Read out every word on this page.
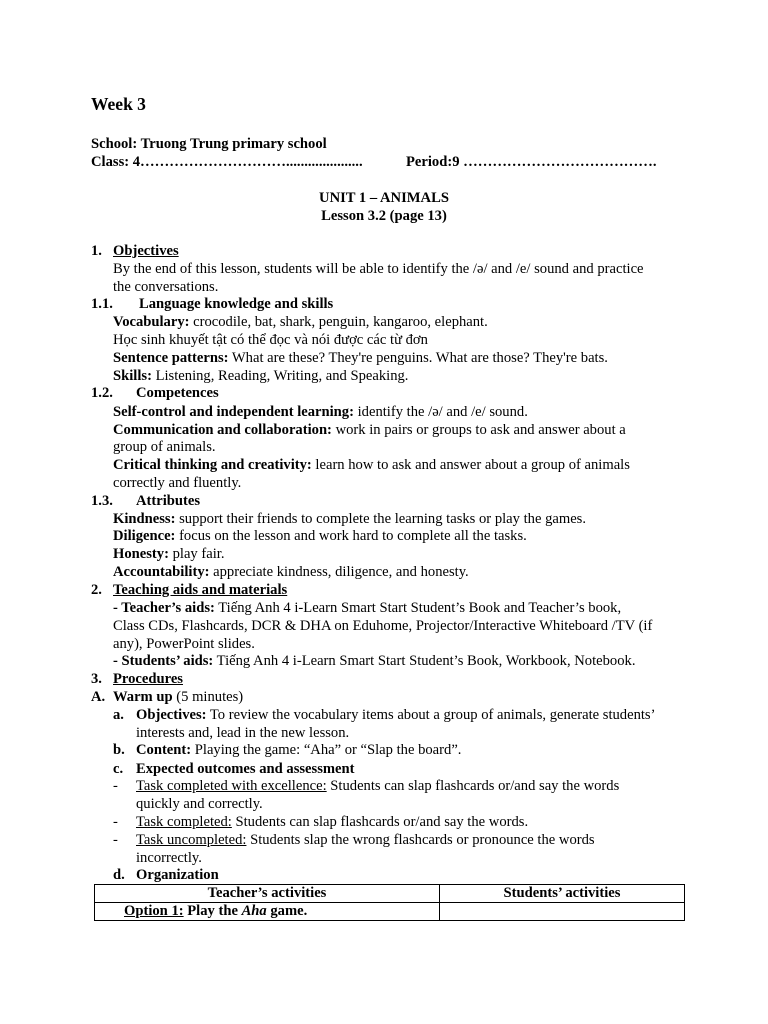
Week 3
School: Truong Trung primary school
Class: 4………………………….....................	Period:9 ………………………………….
UNIT 1 – ANIMALS
Lesson 3.2 (page 13)
1. Objectives
By the end of this lesson, students will be able to identify the /ə/ and /e/ sound and practice
the conversations.
1.1. Language knowledge and skills
Vocabulary: crocodile, bat, shark, penguin, kangaroo, elephant.
Học sinh khuyết tật có thể đọc và nói được các từ đơn
Sentence patterns: What are these? They're penguins. What are those? They're bats.
Skills: Listening, Reading, Writing, and Speaking.
1.2. Competences
Self-control and independent learning: identify the /ə/ and /e/ sound.
Communication and collaboration: work in pairs or groups to ask and answer about a
group of animals.
Critical thinking and creativity: learn how to ask and answer about a group of animals
correctly and fluently.
1.3. Attributes
Kindness: support their friends to complete the learning tasks or play the games.
Diligence: focus on the lesson and work hard to complete all the tasks.
Honesty: play fair.
Accountability: appreciate kindness, diligence, and honesty.
2. Teaching aids and materials
- Teacher’s aids: Tiếng Anh 4 i-Learn Smart Start Student’s Book and Teacher’s book,
Class CDs, Flashcards, DCR & DHA on Eduhome, Projector/Interactive Whiteboard /TV (if
any), PowerPoint slides.
- Students’ aids: Tiếng Anh 4 i-Learn Smart Start Student’s Book, Workbook, Notebook.
3. Procedures
A. Warm up (5 minutes)
a. Objectives: To review the vocabulary items about a group of animals, generate students’
interests and, lead in the new lesson.
b. Content: Playing the game: “Aha” or “Slap the board”.
c. Expected outcomes and assessment
- Task completed with excellence: Students can slap flashcards or/and say the words
quickly and correctly.
- Task completed: Students can slap flashcards or/and say the words.
- Task uncompleted: Students slap the wrong flashcards or pronounce the words
incorrectly.
d. Organization
Teacher’s activities	Students’ activities
Option 1: Play the Aha game.	
